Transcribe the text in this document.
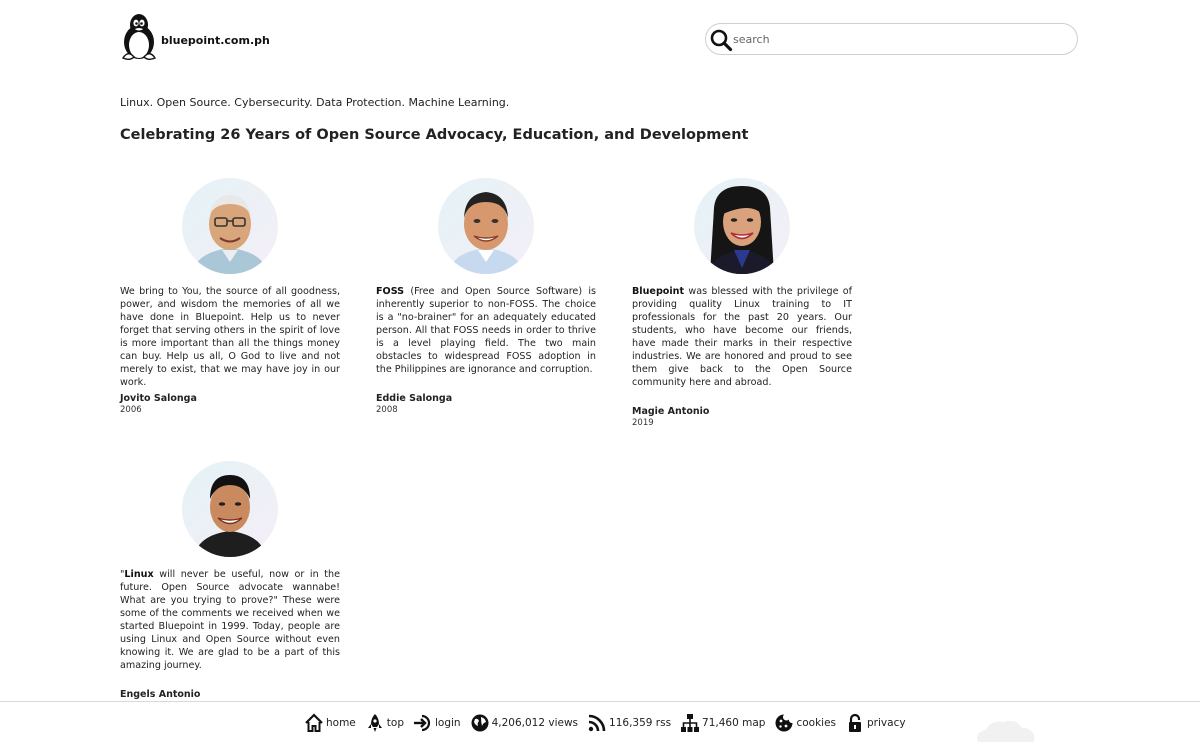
bluepoint.com.ph
search
Linux. Open Source. Cybersecurity. Data Protection. Machine Learning.
Celebrating 26 Years of Open Source Advocacy, Education, and Development
We bring to You, the source of all goodness, power, and wisdom the memories of all we have done in Bluepoint. Help us to never forget that serving others in the spirit of love is more important than all the things money can buy. Help us all, O God to live and not merely to exist, that we may have joy in our work.
Jovito Salonga
2006
FOSS (Free and Open Source Software) is inherently superior to non-FOSS. The choice is a "no-brainer" for an adequately educated person. All that FOSS needs in order to thrive is a level playing field. The two main obstacles to widespread FOSS adoption in the Philippines are ignorance and corruption.
Eddie Salonga
2008
Bluepoint was blessed with the privilege of providing quality Linux training to IT professionals for the past 20 years. Our students, who have become our friends, have made their marks in their respective industries. We are honored and proud to see them give back to the Open Source community here and abroad.
Magie Antonio
2019
"Linux will never be useful, now or in the future. Open Source advocate wannabe! What are you trying to prove?" These were some of the comments we received when we started Bluepoint in 1999. Today, people are using Linux and Open Source without even knowing it. We are glad to be a part of this amazing journey.
Engels Antonio
home	top	login	4,206,012 views	116,359 rss	71,460 map	cookies	privacy
